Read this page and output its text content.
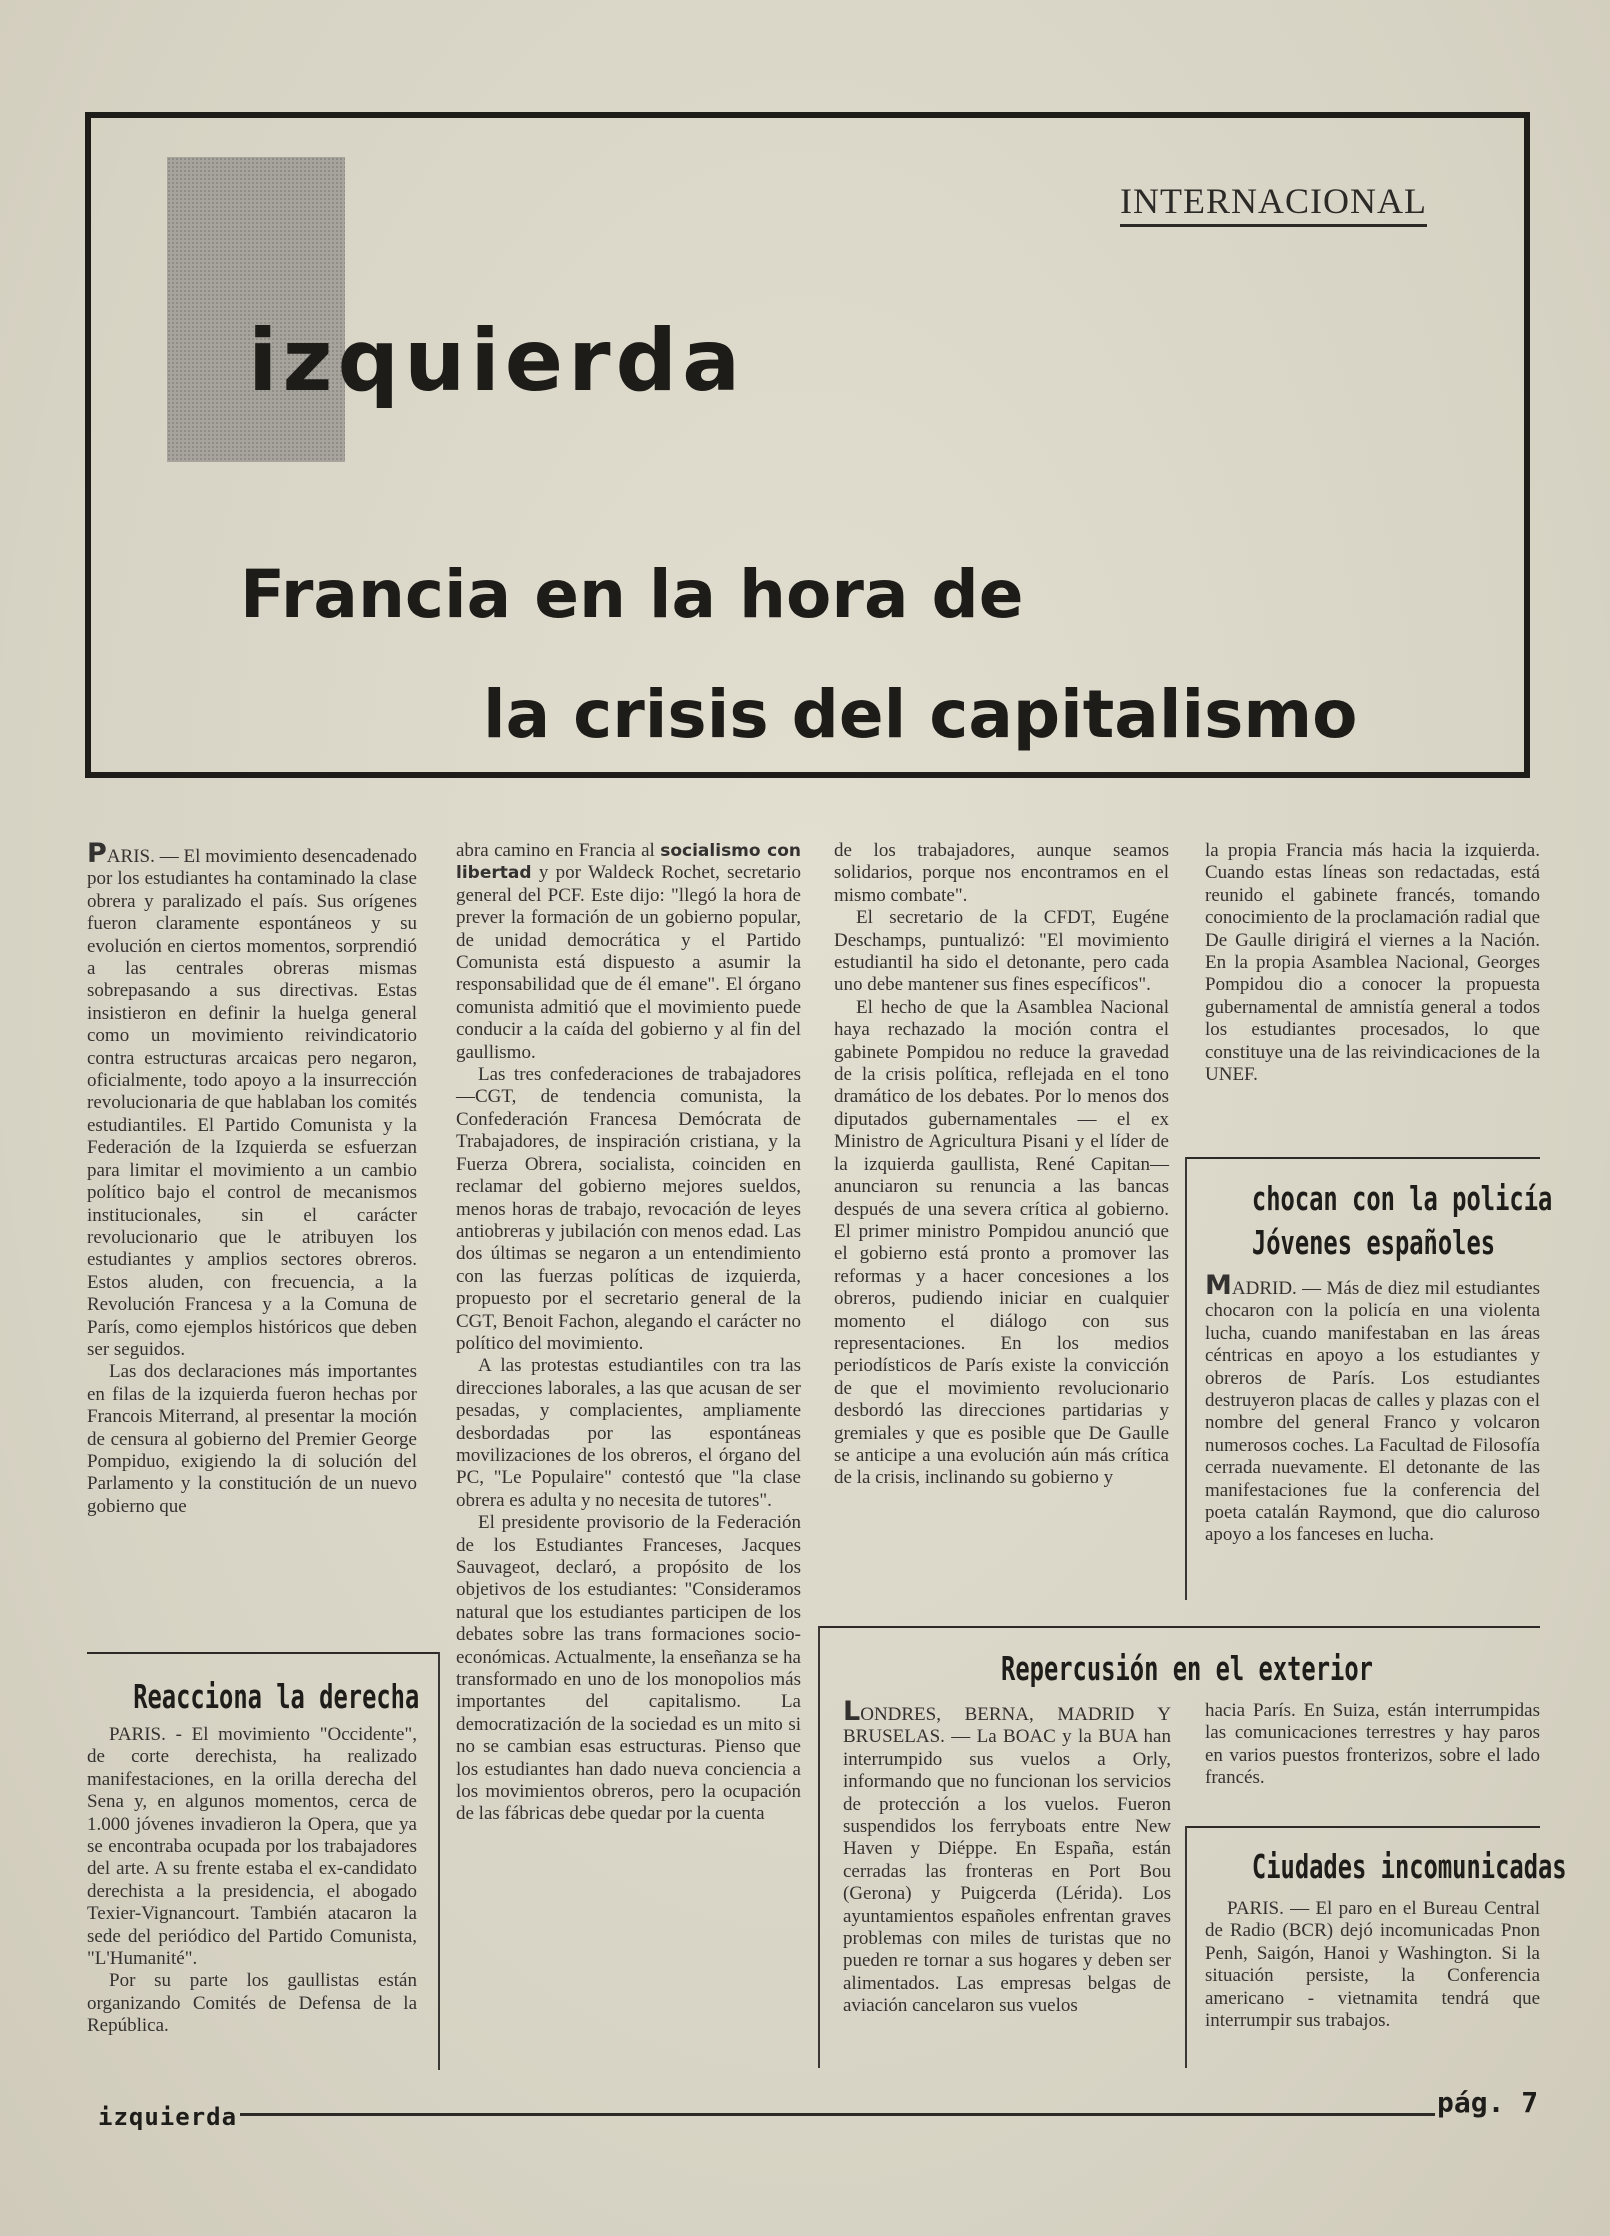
INTERNACIONAL
izquierda
Francia en la hora de
la crisis del capitalismo

PARIS. — El movimiento desencadenado por los estudiantes ha contaminado la clase obrera y paralizado el país. Sus orígenes fueron claramente espontáneos y su evolución en ciertos momentos, sorprendió a las centrales obreras mismas sobrepasando a sus directivas. Estas insistieron en definir la huelga general como un movimiento reivindicatorio contra estructuras arcaicas pero negaron, oficialmente, todo apoyo a la insurrección revolucionaria de que hablaban los comités estudiantiles. El Partido Comunista y la Federación de la Izquierda se esfuerzan para limitar el movimiento a un cambio político bajo el control de mecanismos institucionales, sin el carácter revolucionario que le atribuyen los estudiantes y amplios sectores obreros. Estos aluden, con frecuencia, a la Revolución Francesa y a la Comuna de París, como ejemplos históricos que deben ser seguidos.

Las dos declaraciones más importantes en filas de la izquierda fueron hechas por Francois Miterrand, al presentar la moción de censura al gobierno del Premier George Pompiduo, exigiendo la di solución del Parlamento y la constitución de un nuevo gobierno que

Reacciona la derecha

PARIS. - El movimiento "Occidente", de corte derechista, ha realizado manifestaciones, en la orilla derecha del Sena y, en algunos momentos, cerca de 1.000 jóvenes invadieron la Opera, que ya se encontraba ocupada por los trabajadores del arte. A su frente estaba el ex-candidato derechista a la presidencia, el abogado Texier-Vignancourt. También atacaron la sede del periódico del Partido Comunista, "L'Humanité".

Por su parte los gaullistas están organizando Comités de Defensa de la República.

abra camino en Francia al socialismo con libertad y por Waldeck Rochet, secretario general del PCF. Este dijo: "llegó la hora de prever la formación de un gobierno popular, de unidad democrática y el Partido Comunista está dispuesto a asumir la responsabilidad que de él emane". El órgano comunista admitió que el movimiento puede conducir a la caída del gobierno y al fin del gaullismo.

Las tres confederaciones de trabajadores —CGT, de tendencia comunista, la Confederación Francesa Demócrata de Trabajadores, de inspiración cristiana, y la Fuerza Obrera, socialista, coinciden en reclamar del gobierno mejores sueldos, menos horas de trabajo, revocación de leyes antiobreras y jubilación con menos edad. Las dos últimas se negaron a un entendimiento con las fuerzas políticas de izquierda, propuesto por el secretario general de la CGT, Benoit Fachon, alegando el carácter no político del movimiento.

A las protestas estudiantiles con tra las direcciones laborales, a las que acusan de ser pesadas, y complacientes, ampliamente desbordadas por las espontáneas movilizaciones de los obreros, el órgano del PC, "Le Populaire" contestó que "la clase obrera es adulta y no necesita de tutores".

El presidente provisorio de la Federación de los Estudiantes Franceses, Jacques Sauvageot, declaró, a propósito de los objetivos de los estudiantes: "Consideramos natural que los estudiantes participen de los debates sobre las trans formaciones socio-económicas. Actualmente, la enseñanza se ha transformado en uno de los monopolios más importantes del capitalismo. La democratización de la sociedad es un mito si no se cambian esas estructuras. Pienso que los estudiantes han dado nueva conciencia a los movimientos obreros, pero la ocupación de las fábricas debe quedar por la cuenta

de los trabajadores, aunque seamos solidarios, porque nos encontramos en el mismo combate".

El secretario de la CFDT, Eugéne Deschamps, puntualizó: "El movimiento estudiantil ha sido el detonante, pero cada uno debe mantener sus fines específicos".

El hecho de que la Asamblea Nacional haya rechazado la moción contra el gabinete Pompidou no reduce la gravedad de la crisis política, reflejada en el tono dramático de los debates. Por lo menos dos diputados gubernamentales — el ex Ministro de Agricultura Pisani y el líder de la izquierda gaullista, René Capitan— anunciaron su renuncia a las bancas después de una severa crítica al gobierno. El primer ministro Pompidou anunció que el gobierno está pronto a promover las reformas y a hacer concesiones a los obreros, pudiendo iniciar en cualquier momento el diálogo con sus representaciones. En los medios periodísticos de París existe la convicción de que el movimiento revolucionario desbordó las direcciones partidarias y gremiales y que es posible que De Gaulle se anticipe a una evolución aún más crítica de la crisis, inclinando su gobierno y

la propia Francia más hacia la izquierda. Cuando estas líneas son redactadas, está reunido el gabinete francés, tomando conocimiento de la proclamación radial que De Gaulle dirigirá el viernes a la Nación. En la propia Asamblea Nacional, Georges Pompidou dio a conocer la propuesta gubernamental de amnistía general a todos los estudiantes procesados, lo que constituye una de las reivindicaciones de la UNEF.

chocan con la policía
Jóvenes españoles

MADRID. — Más de diez mil estudiantes chocaron con la policía en una violenta lucha, cuando manifestaban en las áreas céntricas en apoyo a los estudiantes y obreros de París. Los estudiantes destruyeron placas de calles y plazas con el nombre del general Franco y volcaron numerosos coches. La Facultad de Filosofía cerrada nuevamente. El detonante de las manifestaciones fue la conferencia del poeta catalán Raymond, que dio caluroso apoyo a los fanceses en lucha.

Repercusión en el exterior

LONDRES, BERNA, MADRID Y BRUSELAS. — La BOAC y la BUA han interrumpido sus vuelos a Orly, informando que no funcionan los servicios de protección a los vuelos. Fueron suspendidos los ferryboats entre New Haven y Diéppe. En España, están cerradas las fronteras en Port Bou (Gerona) y Puigcerda (Lérida). Los ayuntamientos españoles enfrentan graves problemas con miles de turistas que no pueden re tornar a sus hogares y deben ser alimentados. Las empresas belgas de aviación cancelaron sus vuelos

hacia París. En Suiza, están interrumpidas las comunicaciones terrestres y hay paros en varios puestos fronterizos, sobre el lado francés.

Ciudades incomunicadas

PARIS. — El paro en el Bureau Central de Radio (BCR) dejó incomunicadas Pnon Penh, Saigón, Hanoi y Washington. Si la situación persiste, la Conferencia americano - vietnamita tendrá que interrumpir sus trabajos.

izquierda	pág. 7
